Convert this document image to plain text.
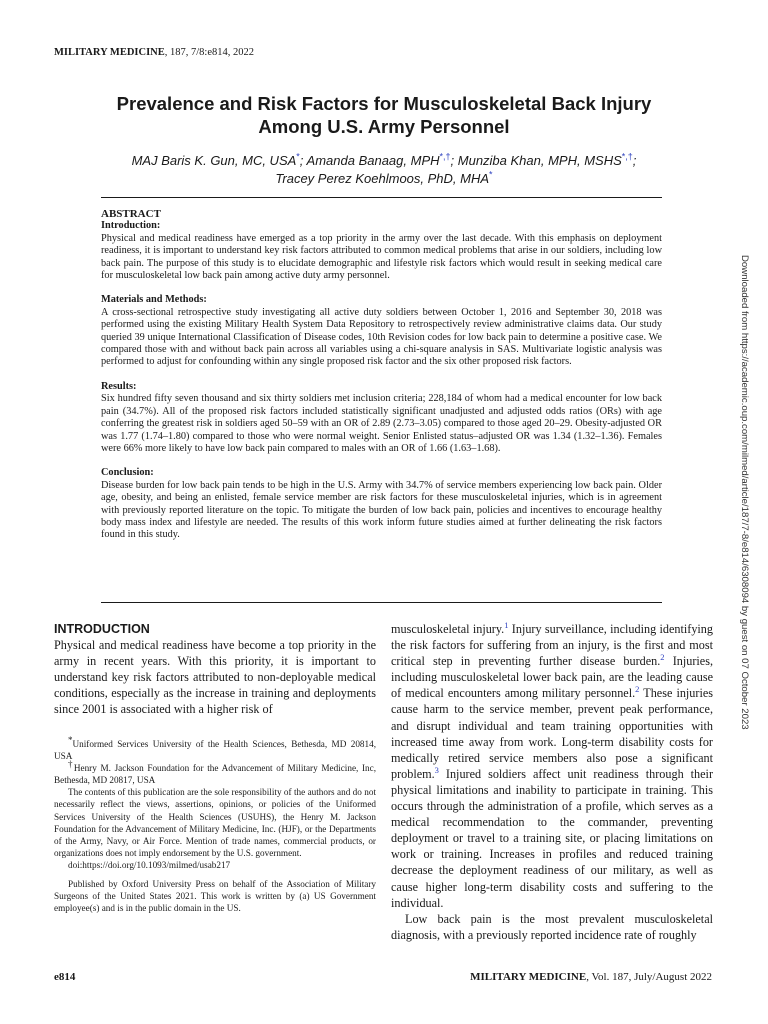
MILITARY MEDICINE, 187, 7/8:e814, 2022
Prevalence and Risk Factors for Musculoskeletal Back Injury
Among U.S. Army Personnel
MAJ Baris K. Gun, MC, USA*; Amanda Banaag, MPH*,†; Munziba Khan, MPH, MSHS*,†;
Tracey Perez Koehlmoos, PhD, MHA*
ABSTRACT
Introduction:

Physical and medical readiness have emerged as a top priority in the army over the last decade. With this emphasis on deployment readiness, it is important to understand key risk factors attributed to common medical problems that arise in our soldiers, including low back pain. The purpose of this study is to elucidate demographic and lifestyle risk factors which would result in seeking medical care for musculoskeletal low back pain among active duty army personnel.

Materials and Methods:

A cross-sectional retrospective study investigating all active duty soldiers between October 1, 2016 and September 30, 2018 was performed using the existing Military Health System Data Repository to retrospectively review administrative claims data. Our study queried 39 unique International Classification of Disease codes, 10th Revision codes for low back pain to determine a positive case. We compared those with and without back pain across all variables using a chi-square analysis in SAS. Multivariate logistic analysis was performed to adjust for confounding within any single proposed risk factor and the six other proposed risk factors.

Results:

Six hundred fifty seven thousand and six thirty soldiers met inclusion criteria; 228,184 of whom had a medical encounter for low back pain (34.7%). All of the proposed risk factors included statistically significant unadjusted and adjusted odds ratios (ORs) with age conferring the greatest risk in soldiers aged 50–59 with an OR of 2.89 (2.73–3.05) compared to those aged 20–29. Obesity-adjusted OR was 1.77 (1.74–1.80) compared to those who were normal weight. Senior Enlisted status–adjusted OR was 1.34 (1.32–1.36). Females were 66% more likely to have low back pain compared to males with an OR of 1.66 (1.63–1.68).

Conclusion:

Disease burden for low back pain tends to be high in the U.S. Army with 34.7% of service members experiencing low back pain. Older age, obesity, and being an enlisted, female service member are risk factors for these musculoskeletal injuries, which is in agreement with previously reported literature on the topic. To mitigate the burden of low back pain, policies and incentives to encourage healthy body mass index and lifestyle are needed. The results of this work inform future studies aimed at further delineating the risk factors found in this study.	Downloaded from https://academic.oup.com/milmed/article/187/7-8/e814/6308094 by guest on 07 October 2023
INTRODUCTION

Physical and medical readiness have become a top priority in the army in recent years. With this priority, it is important to understand key risk factors attributed to non-deployable medical conditions, especially as the increase in training and deployments since 2001 is associated with a higher risk of

*Uniformed Services University of the Health Sciences, Bethesda, MD 20814, USA

†Henry M. Jackson Foundation for the Advancement of Military Medicine, Inc, Bethesda, MD 20817, USA

The contents of this publication are the sole responsibility of the authors and do not necessarily reflect the views, assertions, opinions, or policies of the Uniformed Services University of the Health Sciences (USUHS), the Henry M. Jackson Foundation for the Advancement of Military Medicine, Inc. (HJF), or the Departments of the Army, Navy, or Air Force. Mention of trade names, commercial products, or organizations does not imply endorsement by the U.S. government.

doi:https://doi.org/10.1093/milmed/usab217

Published by Oxford University Press on behalf of the Association of Military Surgeons of the United States 2021. This work is written by (a) US Government employee(s) and is in the public domain in the US.

musculoskeletal injury.$^1$ Injury surveillance, including identifying the risk factors for suffering from an injury, is the first and most critical step in preventing further disease burden.$^2$ Injuries, including musculoskeletal lower back pain, are the leading cause of medical encounters among military personnel.$^2$ These injuries cause harm to the service member, prevent peak performance, and disrupt individual and team training opportunities with increased time away from work. Long-term disability costs for medically retired service members also pose a significant problem.$^3$ Injured soldiers affect unit readiness through their physical limitations and inability to participate in training. This occurs through the administration of a profile, which serves as a medical recommendation to the commander, preventing deployment or travel to a training site, or placing limitations on work or training. Increases in profiles and reduced training decrease the deployment readiness of our military, as well as cause higher long-term disability costs and suffering to the individual.

Low back pain is the most prevalent musculoskeletal diagnosis, with a previously reported incidence rate of roughly

e814	MILITARY MEDICINE, Vol. 187, July/August 2022
